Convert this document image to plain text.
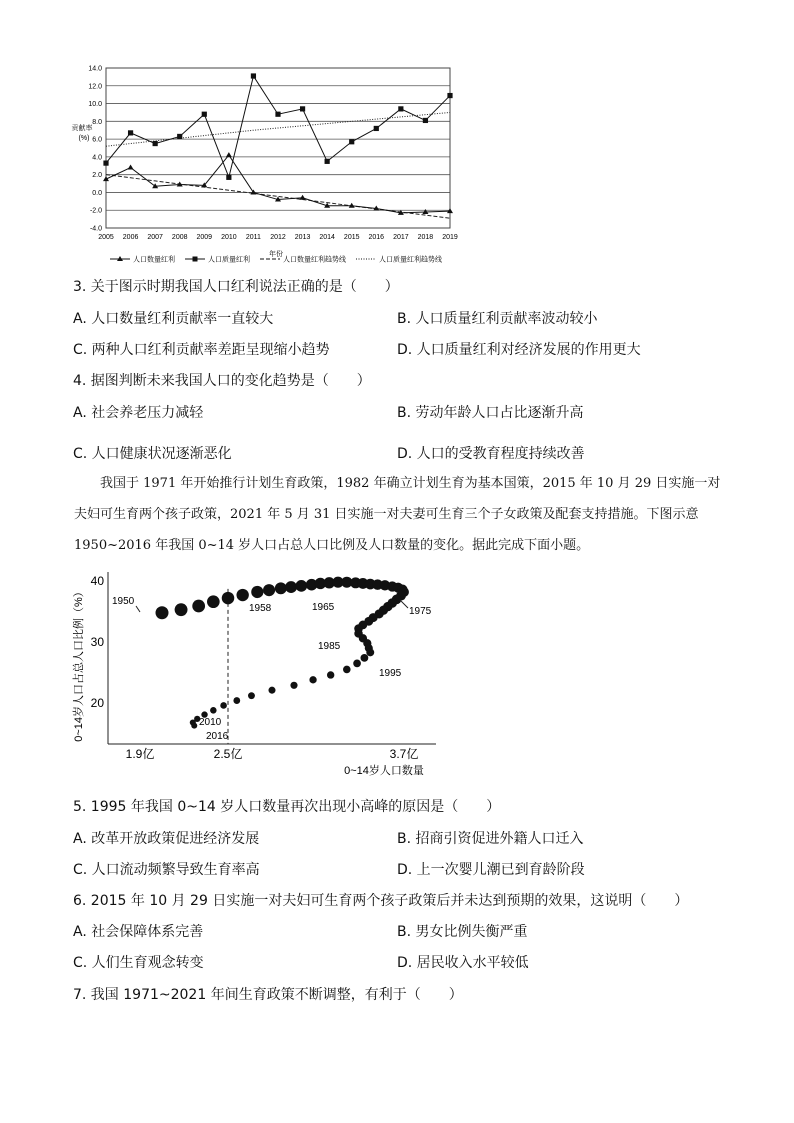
14.0
12.0
10.0
8.0
6.0
4.0
2.0
0.0
-2.0
-4.0
2005 2006 2007 2008 2009 2010 2011 2012 2013 2014 2015 2016 2017 2018 2019
贡献率(%)
年份
人口数量红利	人口质量红利	人口数量红利趋势线	人口质量红利趋势线
3. 关于图示时期我国人口红利说法正确的是（　　）
A. 人口数量红利贡献率一直较大	B. 人口质量红利贡献率波动较小
C. 两种人口红利贡献率差距呈现缩小趋势	D. 人口质量红利对经济发展的作用更大
4. 据图判断未来我国人口的变化趋势是（　　）
A. 社会养老压力减轻	B. 劳动年龄人口占比逐渐升高
C. 人口健康状况逐渐恶化	D. 人口的受教育程度持续改善
我国于 1971 年开始推行计划生育政策，1982 年确立计划生育为基本国策，2015 年 10 月 29 日实施一对夫妇可生育两个孩子政策，2021 年 5 月 31 日实施一对夫妻可生育三个子女政策及配套支持措施。下图示意 1950~2016 年我国 0~14 岁人口占总人口比例及人口数量的变化。据此完成下面小题。
40
30
20
1.9亿	2.5亿	3.7亿
1950
1958	1965	1975
1985
1995
2010
2016
0~14岁人口占总人口比例（%）
0~14岁人口数量
5. 1995 年我国 0~14 岁人口数量再次出现小高峰的原因是（　　）
A. 改革开放政策促进经济发展	B. 招商引资促进外籍人口迁入
C. 人口流动频繁导致生育率高	D. 上一次婴儿潮已到育龄阶段
6. 2015 年 10 月 29 日实施一对夫妇可生育两个孩子政策后并未达到预期的效果，这说明（　　）
A. 社会保障体系完善	B. 男女比例失衡严重
C. 人们生育观念转变	D. 居民收入水平较低
7. 我国 1971~2021 年间生育政策不断调整，有利于（　　）
